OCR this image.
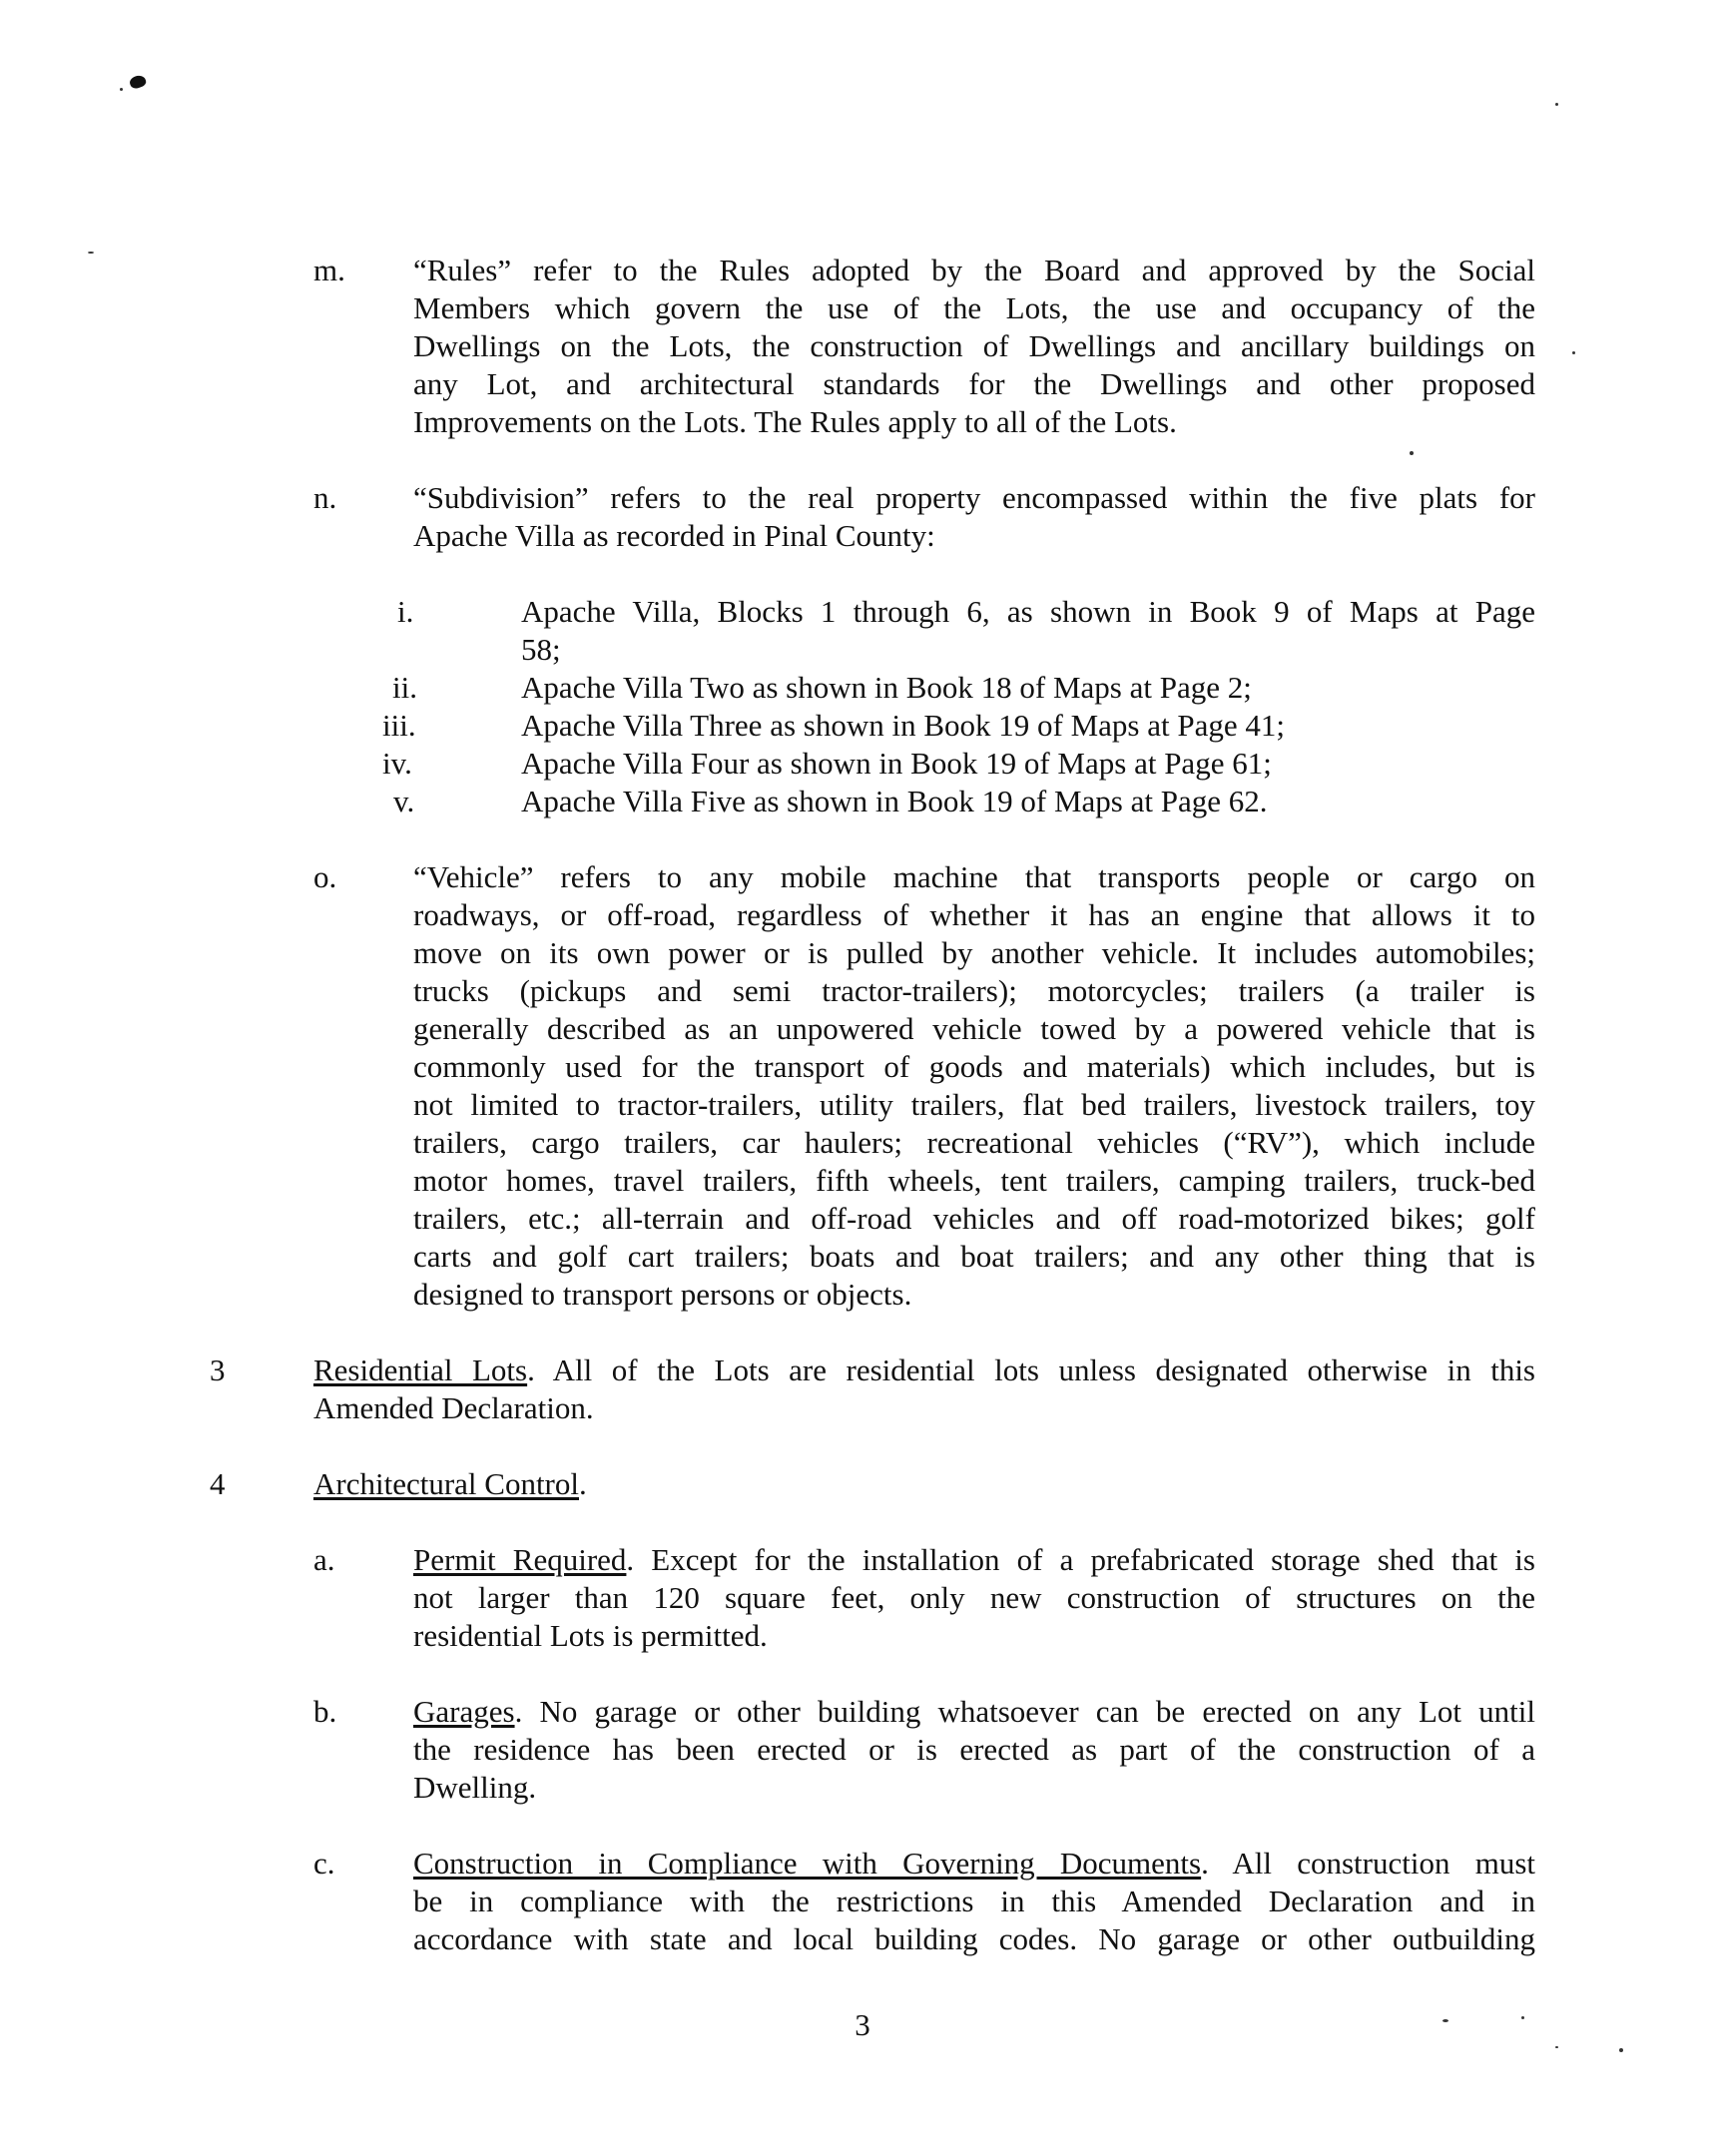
m. “Rules” refer to the Rules adopted by the Board and approved by the Social
Members which govern the use of the Lots, the use and occupancy of the
Dwellings on the Lots, the construction of Dwellings and ancillary buildings on
any Lot, and architectural standards for the Dwellings and other proposed
Improvements on the Lots. The Rules apply to all of the Lots.
n. “Subdivision” refers to the real property encompassed within the five plats for
Apache Villa as recorded in Pinal County:
i.	Apache Villa, Blocks 1 through 6, as shown in Book 9 of Maps at Page
58;
ii.	Apache Villa Two as shown in Book 18 of Maps at Page 2;
iii.	Apache Villa Three as shown in Book 19 of Maps at Page 41;
iv.	Apache Villa Four as shown in Book 19 of Maps at Page 61;
v.	Apache Villa Five as shown in Book 19 of Maps at Page 62.
o. “Vehicle” refers to any mobile machine that transports people or cargo on
roadways, or off-road, regardless of whether it has an engine that allows it to
move on its own power or is pulled by another vehicle. It includes automobiles;
trucks (pickups and semi tractor-trailers); motorcycles; trailers (a trailer is
generally described as an unpowered vehicle towed by a powered vehicle that is
commonly used for the transport of goods and materials) which includes, but is
not limited to tractor-trailers, utility trailers, flat bed trailers, livestock trailers, toy
trailers, cargo trailers, car haulers; recreational vehicles (“RV”), which include
motor homes, travel trailers, fifth wheels, tent trailers, camping trailers, truck-bed
trailers, etc.; all-terrain and off-road vehicles and off road-motorized bikes; golf
carts and golf cart trailers; boats and boat trailers; and any other thing that is
designed to transport persons or objects.
3	Residential Lots. All of the Lots are residential lots unless designated otherwise in this
Amended Declaration.
4	Architectural Control.
a.	Permit Required. Except for the installation of a prefabricated storage shed that is
not larger than 120 square feet, only new construction of structures on the
residential Lots is permitted.
b. Garages. No garage or other building whatsoever can be erected on any Lot until
the residence has been erected or is erected as part of the construction of a
Dwelling.
c.	Construction in Compliance with Governing Documents. All construction must
be in compliance with the restrictions in this Amended Declaration and in
accordance with state and local building codes. No garage or other outbuilding
3
